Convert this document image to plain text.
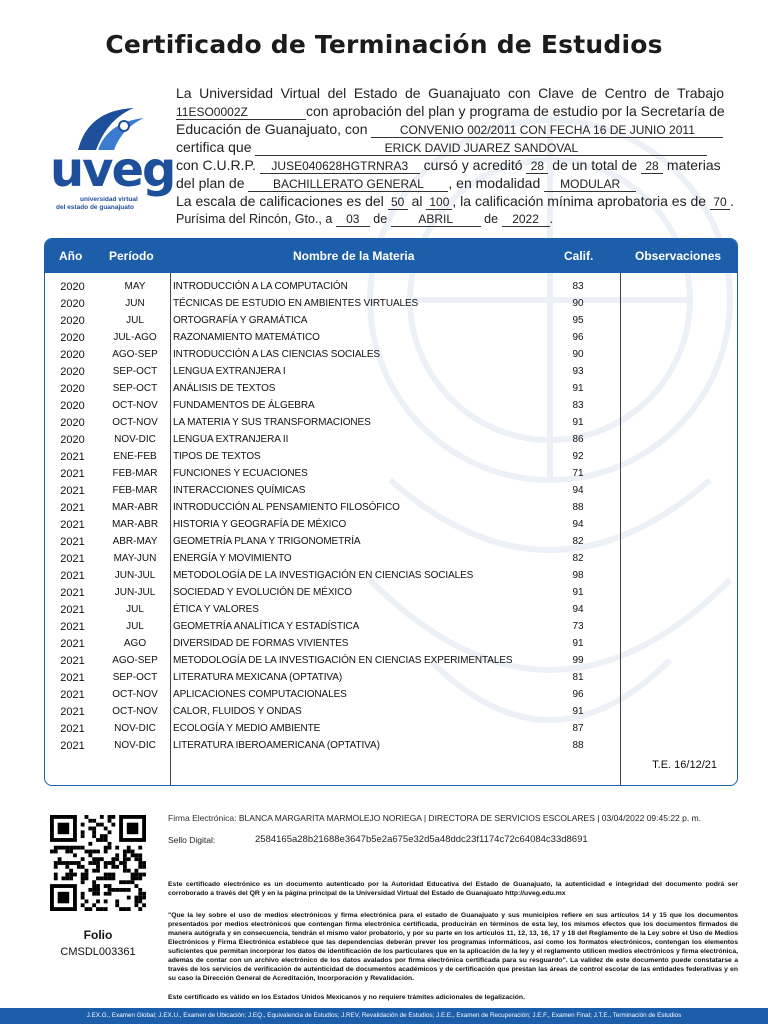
Certificado de Terminación de Estudios
uveg
universidad virtual
del estado de guanajuato
La Universidad Virtual del Estado de Guanajuato con Clave de Centro de Trabajo
11ESO0002Z	con aprobación del plan y programa de estudio por la Secretaría de
Educación de Guanajuato, con	CONVENIO 002/2011 CON FECHA 16 DE JUNIO 2011
certifica que	ERICK DAVID JUAREZ SANDOVAL
con C.U.R.P. JUSE040628HGTRNRA3 cursó y acreditó 28 de un total de 28 materias
del plan de BACHILLERATO GENERAL , en modalidad MODULAR
La escala de calificaciones es del 50 al 100 , la calificación mínima aprobatoria es de 70 .
Purísima del Rincón, Gto., a 03 de	ABRIL de 2022 .
Año Período	Nombre de la Materia	Calif.	Observaciones
2020	MAY	INTRODUCCIÓN A LA COMPUTACIÓN	83
2020	JUN	TÉCNICAS DE ESTUDIO EN AMBIENTES VIRTUALES	90
2020	JUL	ORTOGRAFÍA Y GRAMÁTICA	95
2020	JUL-AGO	RAZONAMIENTO MATEMÁTICO	96
2020	AGO-SEP	INTRODUCCIÓN A LAS CIENCIAS SOCIALES	90
2020	SEP-OCT	LENGUA EXTRANJERA I	93
2020	SEP-OCT	ANÁLISIS DE TEXTOS	91
2020	OCT-NOV	FUNDAMENTOS DE ÁLGEBRA	83
2020	OCT-NOV	LA MATERIA Y SUS TRANSFORMACIONES	91
2020	NOV-DIC	LENGUA EXTRANJERA II	86
2021	ENE-FEB	TIPOS DE TEXTOS	92
2021	FEB-MAR	FUNCIONES Y ECUACIONES	71
2021	FEB-MAR	INTERACCIONES QUÍMICAS	94
2021	MAR-ABR	INTRODUCCIÓN AL PENSAMIENTO FILOSÓFICO	88
2021	MAR-ABR	HISTORIA Y GEOGRAFÍA DE MÉXICO	94
2021	ABR-MAY	GEOMETRÍA PLANA Y TRIGONOMETRÍA	82
2021	MAY-JUN	ENERGÍA Y MOVIMIENTO	82
2021	JUN-JUL	METODOLOGÍA DE LA INVESTIGACIÓN EN CIENCIAS SOCIALES	98
2021	JUN-JUL	SOCIEDAD Y EVOLUCIÓN DE MÉXICO	91
2021	JUL	ÉTICA Y VALORES	94
2021	JUL	GEOMETRÍA ANALÍTICA Y ESTADÍSTICA	73
2021	AGO	DIVERSIDAD DE FORMAS VIVIENTES	91
2021	AGO-SEP	METODOLOGÍA DE LA INVESTIGACIÓN EN CIENCIAS EXPERIMENTALES	99
2021	SEP-OCT	LITERATURA MEXICANA (OPTATIVA)	81
2021	OCT-NOV	APLICACIONES COMPUTACIONALES	96
2021	OCT-NOV	CALOR, FLUIDOS Y ONDAS	91
2021	NOV-DIC	ECOLOGÍA Y MEDIO AMBIENTE	87
2021	NOV-DIC	LITERATURA IBEROAMERICANA (OPTATIVA)	88
T.E. 16/12/21
Folio
CMSDL003361
Firma Electrónica: BLANCA MARGARITA MARMOLEJO NORIEGA | DIRECTORA DE SERVICIOS ESCOLARES | 03/04/2022 09:45:22 p. m.
Sello Digital:	2584165a28b21688e3647b5e2a675e32d5a48ddc23f1174c72c64084c33d8691
Este certificado electrónico es un documento autenticado por la Autoridad Educativa del Estado de Guanajuato, la autenticidad e integridad del documento podrá ser corroborado a través del QR y en la página principal de la Universidad Virtual del Estado de Guanajuato http://uveg.edu.mx
"Que la ley sobre el uso de medios electrónicos y firma electrónica para el estado de Guanajuato y sus municipios refiere en sus artículos 14 y 15 que los documentos presentados por medios electrónicos que contengan firma electrónica certificada, producirán en términos de esta ley, los mismos efectos que los documentos firmados de manera autógrafa y en consecuencia, tendrán el mismo valor probatorio, y por su parte en los artículos 11, 12, 13, 16, 17 y 18 del Reglamento de la Ley sobre el Uso de Medios Electrónicos y Firma Electrónica establece que las dependencias deberán prever los programas informáticos, así como los formatos electrónicos, contengan los elementos suficientes que permitan incorporar los datos de identificación de los particulares que en la aplicación de la ley y el reglamento utilicen medios electrónicos y firma electrónica, además de contar con un archivo electrónico de los datos avalados por firma electrónica certificada para su resguardo". La validez de este documento puede constatarse a través de los servicios de verificación de autenticidad de documentos académicos y de certificación que prestan las áreas de control escolar de las entidades federativas y en su caso la Dirección General de Acreditación, Incorporación y Revalidación.
Este certificado es válido en los Estados Unidos Mexicanos y no requiere trámites adicionales de legalización.
J.EX.G., Examen Global; J.EX.U., Examen de Ubicación; J.EQ., Equivalencia de Estudios; J.REV, Revalidación de Estudios; J.E.E., Examen de Recuperación; J.E.F., Examen Final; J.T.E., Terminación de Estudios
